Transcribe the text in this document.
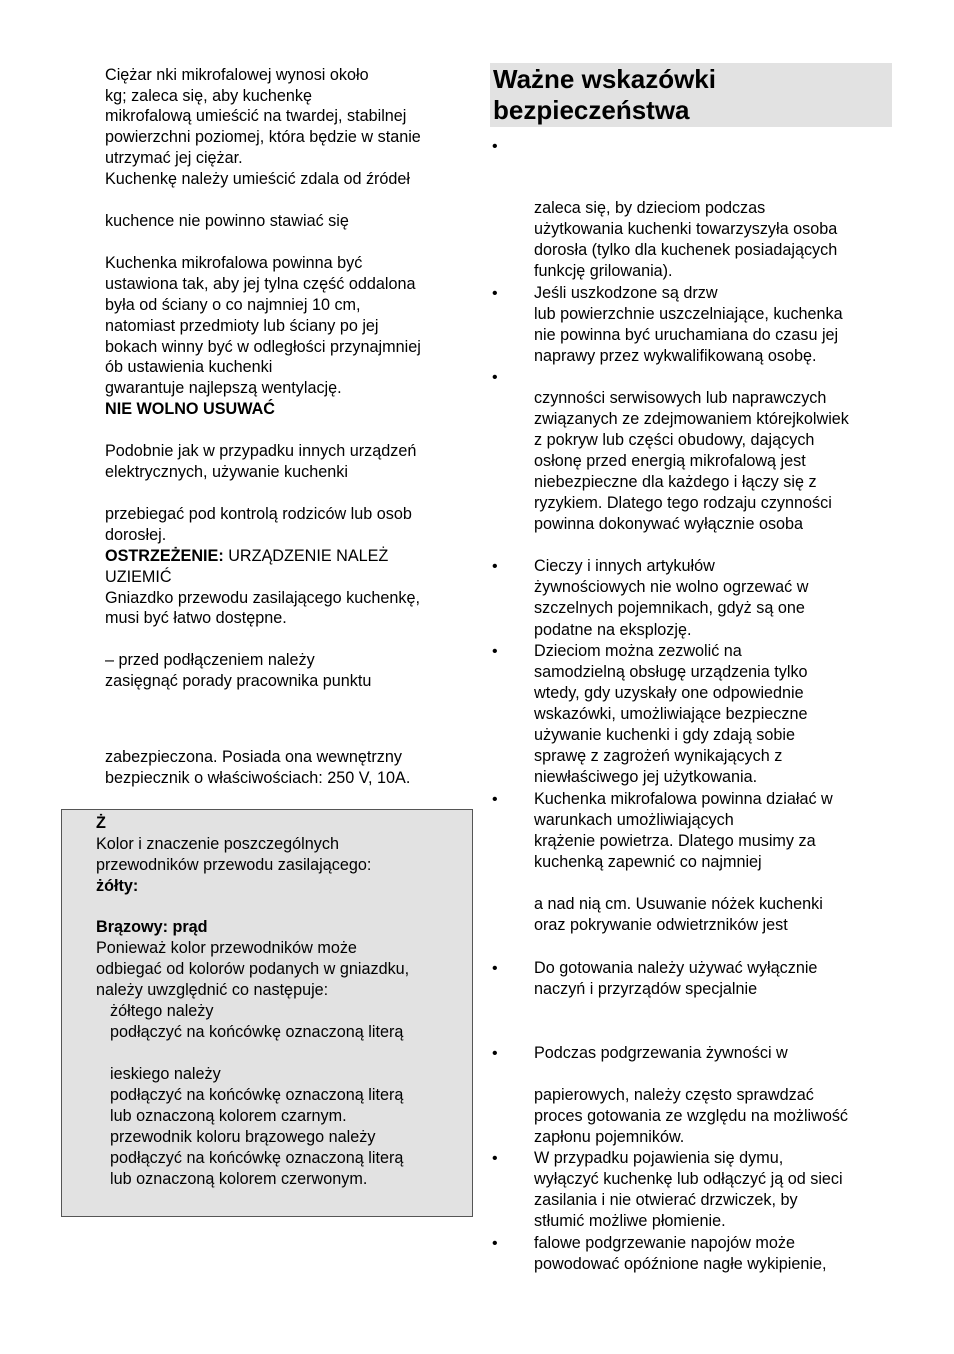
Ciężar nki mikrofalowej wynosi około
kg; zaleca się, aby kuchenkę
mikrofalową umieścić na twardej, stabilnej
powierzchni poziomej, która będzie w stanie
utrzymać jej ciężar.
Kuchenkę należy umieścić zdala od źródeł
kuchence nie powinno stawiać się
Kuchenka mikrofalowa powinna być
ustawiona tak, aby jej tylna część oddalona
była od ściany o co najmniej 10 cm,
natomiast przedmioty lub ściany po jej
bokach winny być w odległości przynajmniej
ób ustawienia kuchenki
gwarantuje najlepszą wentylację.
NIE WOLNO USUWAĆ
Podobnie jak w przypadku innych urządzeń
elektrycznych, używanie kuchenki
przebiegać pod kontrolą rodziców lub osob
dorosłej.
OSTRZEŻENIE: URZĄDZENIE NALEŻ
UZIEMIĆ
Gniazdko przewodu zasilającego kuchenkę,
musi być łatwo dostępne.
– przed podłączeniem należy
zasięgnąć porady pracownika punktu
zabezpieczona. Posiada ona wewnętrzny
bezpiecznik o właściwościach: 250 V, 10A.
Ż
Kolor i znaczenie poszczególnych
przewodników przewodu zasilającego:
żółty:
Brązowy: prąd
Ponieważ kolor przewodników może
odbiegać od kolorów podanych w gniazdku,
należy uwzględnić co następuje:
żółtego należy
podłączyć na końcówkę oznaczoną literą
ieskiego należy
podłączyć na końcówkę oznaczoną literą
lub oznaczoną kolorem czarnym.
przewodnik koloru brązowego należy
podłączyć na końcówkę oznaczoną literą
lub oznaczoną kolorem czerwonym.
Ważne wskazówki
bezpieczeństwa
•
•
•
•
•
•
•
•
•
•
zaleca się, by dzieciom podczas
użytkowania kuchenki towarzyszyła osoba
dorosła (tylko dla kuchenek posiadających
funkcję grilowania).
Jeśli uszkodzone są drzw
lub powierzchnie uszczelniające, kuchenka
nie powinna być uruchamiana do czasu jej
naprawy przez wykwalifikowaną osobę.
czynności serwisowych lub naprawczych
związanych ze zdejmowaniem którejkolwiek
z pokryw lub części obudowy, dających
osłonę przed energią mikrofalową jest
niebezpieczne dla każdego i łączy się z
ryzykiem. Dlatego tego rodzaju czynności
powinna dokonywać wyłącznie osoba
Cieczy i innych artykułów
żywnościowych nie wolno ogrzewać w
szczelnych pojemnikach, gdyż są one
podatne na eksplozję.
Dzieciom można zezwolić na
samodzielną obsługę urządzenia tylko
wtedy, gdy uzyskały one odpowiednie
wskazówki, umożliwiające bezpieczne
używanie kuchenki i gdy zdają sobie
sprawę z zagrożeń wynikających z
niewłaściwego jej użytkowania.
Kuchenka mikrofalowa powinna działać w
warunkach umożliwiających
krążenie powietrza. Dlatego musimy za
kuchenką zapewnić co najmniej
a nad nią cm. Usuwanie nóżek kuchenki
oraz pokrywanie odwietrzników jest
Do gotowania należy używać wyłącznie
naczyń i przyrządów specjalnie
Podczas podgrzewania żywności w
papierowych, należy często sprawdzać
proces gotowania ze względu na możliwość
zapłonu pojemników.
W przypadku pojawienia się dymu,
wyłączyć kuchenkę lub odłączyć ją od sieci
zasilania i nie otwierać drzwiczek, by
stłumić możliwe płomienie.
falowe podgrzewanie napojów może
powodować opóźnione nagłe wykipienie,
